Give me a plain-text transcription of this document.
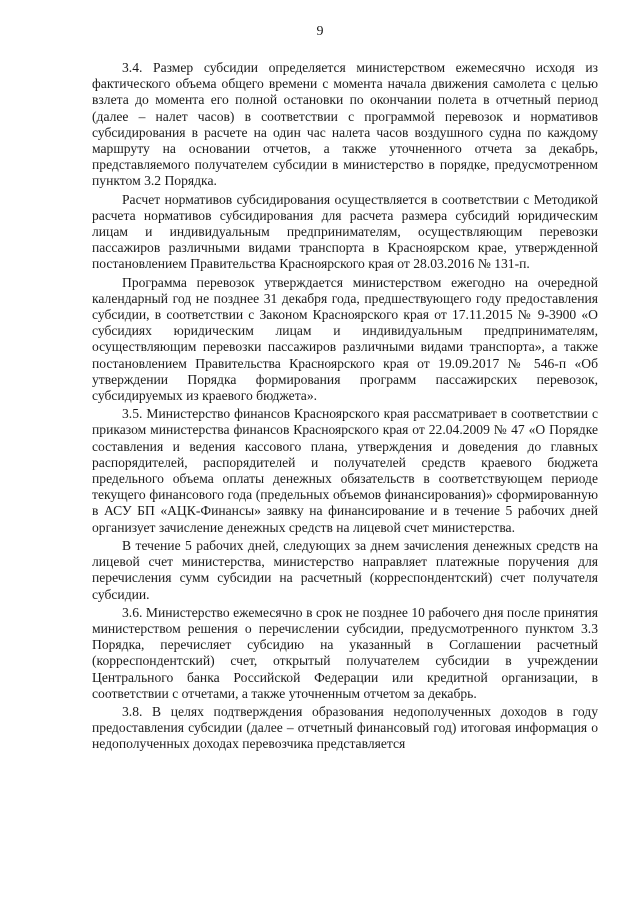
9

3.4. Размер субсидии определяется министерством ежемесячно исходя из фактического объема общего времени с момента начала движения самолета с целью взлета до момента его полной остановки по окончании полета в отчетный период (далее – налет часов) в соответствии с программой перевозок и нормативов субсидирования в расчете на один час налета часов воздушного судна по каждому маршруту на основании отчетов, а также уточненного отчета за декабрь, представляемого получателем субсидии в министерство в порядке, предусмотренном пунктом 3.2 Порядка.

Расчет нормативов субсидирования осуществляется в соответствии с Методикой расчета нормативов субсидирования для расчета размера субсидий юридическим лицам и индивидуальным предпринимателям, осуществляющим перевозки пассажиров различными видами транспорта в Красноярском крае, утвержденной постановлением Правительства Красноярского края от 28.03.2016 № 131-п.

Программа перевозок утверждается министерством ежегодно на очередной календарный год не позднее 31 декабря года, предшествующего году предоставления субсидии, в соответствии с Законом Красноярского края от 17.11.2015 № 9-3900 «О субсидиях юридическим лицам и индивидуальным предпринимателям, осуществляющим перевозки пассажиров различными видами транспорта», а также постановлением Правительства Красноярского края от 19.09.2017 № 546-п «Об утверждении Порядка формирования программ пассажирских перевозок, субсидируемых из краевого бюджета».

3.5. Министерство финансов Красноярского края рассматривает в соответствии с приказом министерства финансов Красноярского края от 22.04.2009 № 47 «О Порядке составления и ведения кассового плана, утверждения и доведения до главных распорядителей, распорядителей и получателей средств краевого бюджета предельного объема оплаты денежных обязательств в соответствующем периоде текущего финансового года (предельных объемов финансирования)» сформированную в АСУ БП «АЦК-Финансы» заявку на финансирование и в течение 5 рабочих дней организует зачисление денежных средств на лицевой счет министерства.

В течение 5 рабочих дней, следующих за днем зачисления денежных средств на лицевой счет министерства, министерство направляет платежные поручения для перечисления сумм субсидии на расчетный (корреспондентский) счет получателя субсидии.

3.6. Министерство ежемесячно в срок не позднее 10 рабочего дня после принятия министерством решения о перечислении субсидии, предусмотренного пунктом 3.3 Порядка, перечисляет субсидию на указанный в Соглашении расчетный (корреспондентский) счет, открытый получателем субсидии в учреждении Центрального банка Российской Федерации или кредитной организации, в соответствии с отчетами, а также уточненным отчетом за декабрь.

3.8. В целях подтверждения образования недополученных доходов в году предоставления субсидии (далее – отчетный финансовый год) итоговая информация о недополученных доходах перевозчика представляется
